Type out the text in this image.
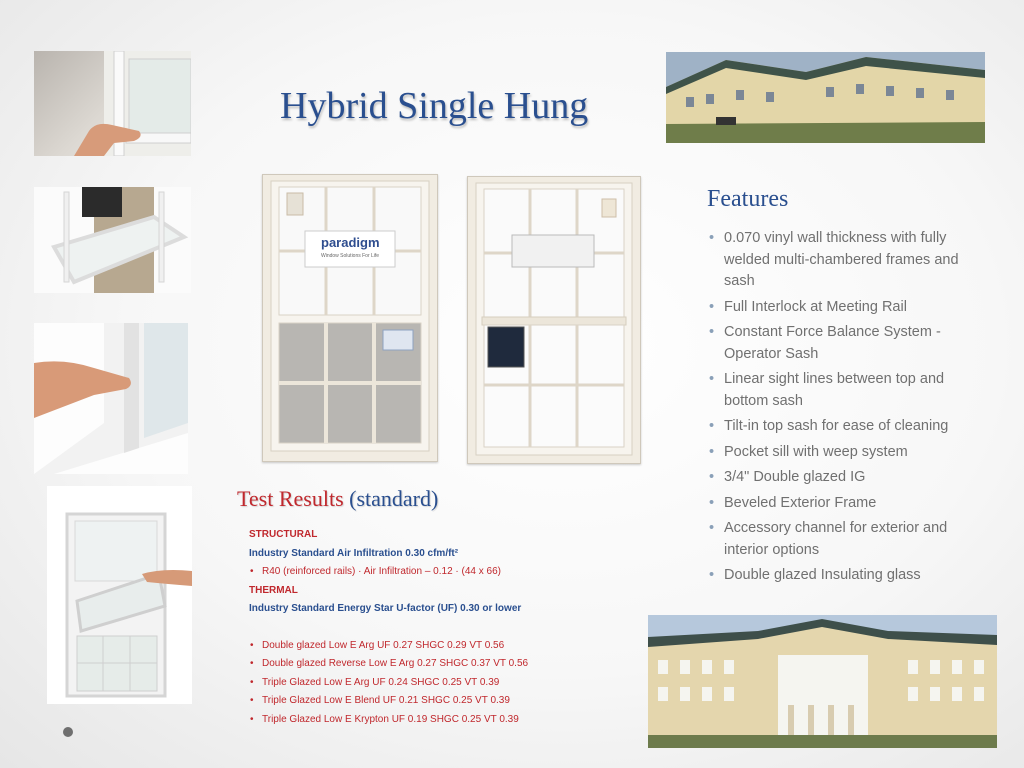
Hybrid Single Hung
paradigm
Window Solutions For Life
Features
• 0.070 vinyl wall thickness with fully welded multi-chambered frames and sash
• Full Interlock at Meeting Rail
• Constant Force Balance System - Operator Sash
• Linear sight lines between top and bottom sash
• Tilt-in top sash for ease of cleaning
• Pocket sill with weep system
• 3/4" Double glazed IG
• Beveled Exterior Frame
• Accessory channel for exterior and interior options
• Double glazed Insulating glass
Test Results (standard)
STRUCTURAL
Industry Standard Air Infiltration 0.30 cfm/ft²
• R40 (reinforced rails) · Air Infiltration – 0.12 · (44 x 66)
THERMAL
Industry Standard Energy Star U-factor (UF) 0.30 or lower
• Double glazed Low E Arg UF 0.27 SHGC 0.29 VT 0.56
• Double glazed Reverse Low E Arg 0.27 SHGC 0.37 VT 0.56
• Triple Glazed Low E Arg UF 0.24 SHGC 0.25 VT 0.39
• Triple Glazed Low E Blend UF 0.21 SHGC 0.25 VT 0.39
• Triple Glazed Low E Krypton UF 0.19 SHGC 0.25 VT 0.39
